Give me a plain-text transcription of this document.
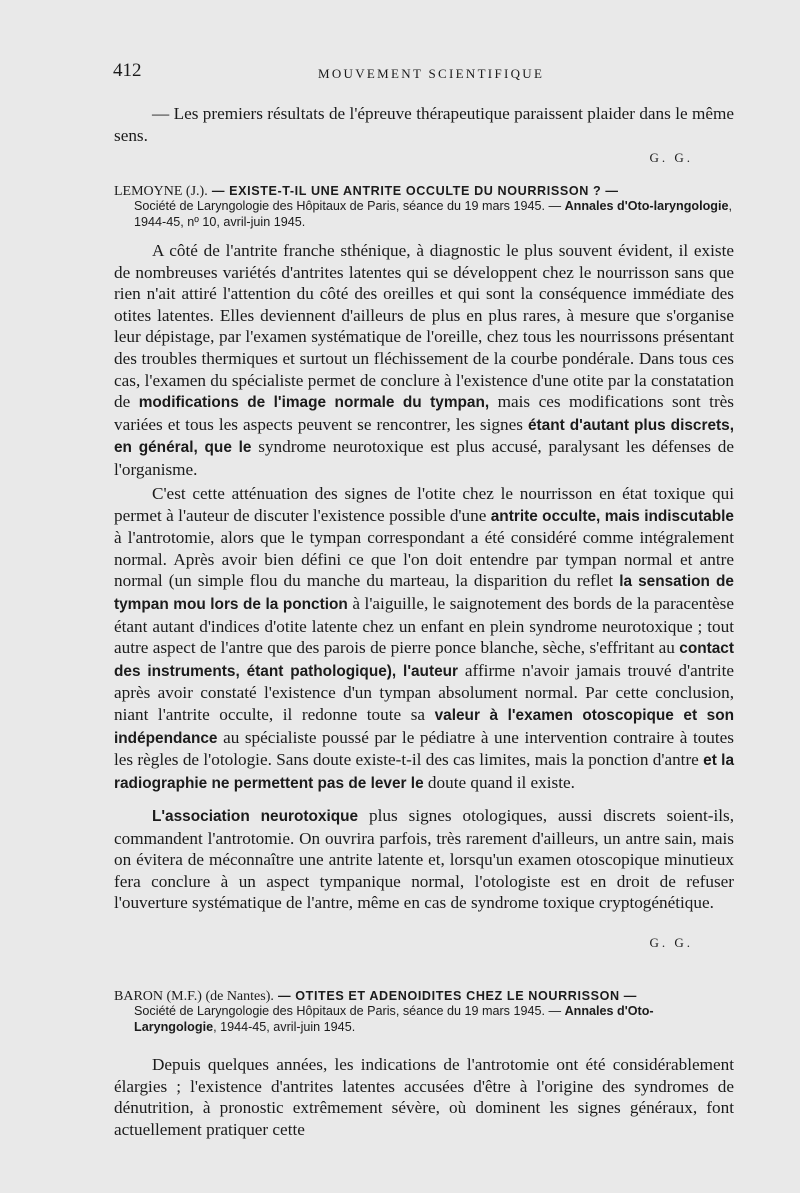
412	MOUVEMENT SCIENTIFIQUE

— Les premiers résultats de l'épreuve thérapeutique paraissent plaider dans le même sens.

G. G.

LEMOYNE (J.). — EXISTE-T-IL UNE ANTRITE OCCULTE DU NOURRISSON ? —
Société de Laryngologie des Hôpitaux de Paris, séance du 19 mars 1945. — Annales d'Oto-laryngologie, 1944-45, nº 10, avril-juin 1945.

A côté de l'antrite franche sthénique, à diagnostic le plus souvent évident, il existe de nombreuses variétés d'antrites latentes qui se développent chez le nourrisson sans que rien n'ait attiré l'attention du côté des oreilles et qui sont la conséquence immédiate des otites latentes. Elles deviennent d'ailleurs de plus en plus rares, à mesure que s'organise leur dépistage, par l'examen systématique de l'oreille, chez tous les nourrissons présentant des troubles thermiques et surtout un fléchissement de la courbe pondérale. Dans tous ces cas, l'examen du spécialiste permet de conclure à l'existence d'une otite par la constatation de modifications de l'image normale du tympan, mais ces modifications sont très variées et tous les aspects peuvent se rencontrer, les signes étant d'autant plus discrets, en général, que le syndrome neurotoxique est plus accusé, paralysant les défenses de l'organisme.

C'est cette atténuation des signes de l'otite chez le nourrisson en état toxique qui permet à l'auteur de discuter l'existence possible d'une antrite occulte, mais indiscutable à l'antrotomie, alors que le tympan correspondant a été considéré comme intégralement normal. Après avoir bien défini ce que l'on doit entendre par tympan normal et antre normal (un simple flou du manche du marteau, la disparition du reflet la sensation de tympan mou lors de la ponction à l'aiguille, le saignotement des bords de la paracentèse étant autant d'indices d'otite latente chez un enfant en plein syndrome neurotoxique ; tout autre aspect de l'antre que des parois de pierre ponce blanche, sèche, s'effritant au contact des instruments, étant pathologique), l'auteur affirme n'avoir jamais trouvé d'antrite après avoir constaté l'existence d'un tympan absolument normal. Par cette conclusion, niant l'antrite occulte, il redonne toute sa valeur à l'examen otoscopique et son indépendance au spécialiste poussé par le pédiatre à une intervention contraire à toutes les règles de l'otologie. Sans doute existe-t-il des cas limites, mais la ponction d'antre et la radiographie ne permettent pas de lever le doute quand il existe.

L'association neurotoxique plus signes otologiques, aussi discrets soient-ils, commandent l'antrotomie. On ouvrira parfois, très rarement d'ailleurs, un antre sain, mais on évitera de méconnaître une antrite latente et, lorsqu'un examen otoscopique minutieux fera conclure à un aspect tympanique normal, l'otologiste est en droit de refuser l'ouverture systématique de l'antre, même en cas de syndrome toxique cryptogénétique.

G. G.

BARON (M.F.) (de Nantes). — OTITES ET ADENOIDITES CHEZ LE NOURRISSON —
Société de Laryngologie des Hôpitaux de Paris, séance du 19 mars 1945. — Annales d'Oto-Laryngologie, 1944-45, avril-juin 1945.

Depuis quelques années, les indications de l'antrotomie ont été considérablement élargies ; l'existence d'antrites latentes accusées d'être à l'origine des syndromes de dénutrition, à pronostic extrêmement sévère, où dominent les signes généraux, font actuellement pratiquer cette
